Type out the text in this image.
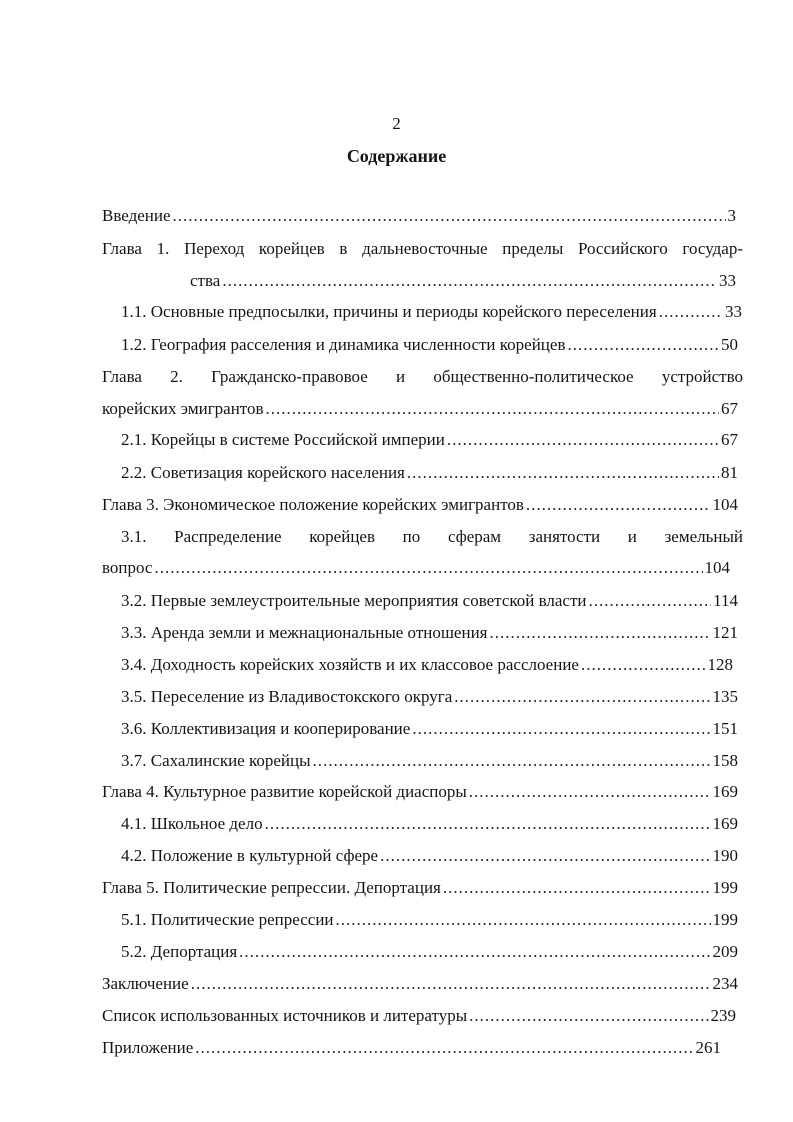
2
Содержание
Введение .....	3
Глава 1. Переход корейцев в дальневосточные пределы Российского государ-
ства .....	33
1.1. Основные предпосылки, причины и периоды корейского переселения .....	33
1.2. География расселения и динамика численности корейцев .....	50
Глава 2. Гражданско-правовое и общественно-политическое устройство
корейских эмигрантов .....	67
2.1. Корейцы в системе Российской империи .....	67
2.2. Советизация корейского населения .....	81
Глава 3. Экономическое положение корейских эмигрантов .....	104
3.1. Распределение корейцев по сферам занятости и земельный
вопрос .....	104
3.2. Первые землеустроительные мероприятия советской власти .....	114
3.3. Аренда земли и межнациональные отношения .....	121
3.4. Доходность корейских хозяйств и их классовое расслоение .....	128
3.5. Переселение из Владивостокского округа .....	135
3.6. Коллективизация и кооперирование .....	151
3.7. Сахалинские корейцы .....	158
Глава 4. Культурное развитие корейской диаспоры .....	169
4.1. Школьное дело .....	169
4.2. Положение в культурной сфере .....	190
Глава 5. Политические репрессии. Депортация .....	199
5.1. Политические репрессии .....	199
5.2. Депортация .....	209
Заключение .....	234
Список использованных источников и литературы .....	239
Приложение .....	261
